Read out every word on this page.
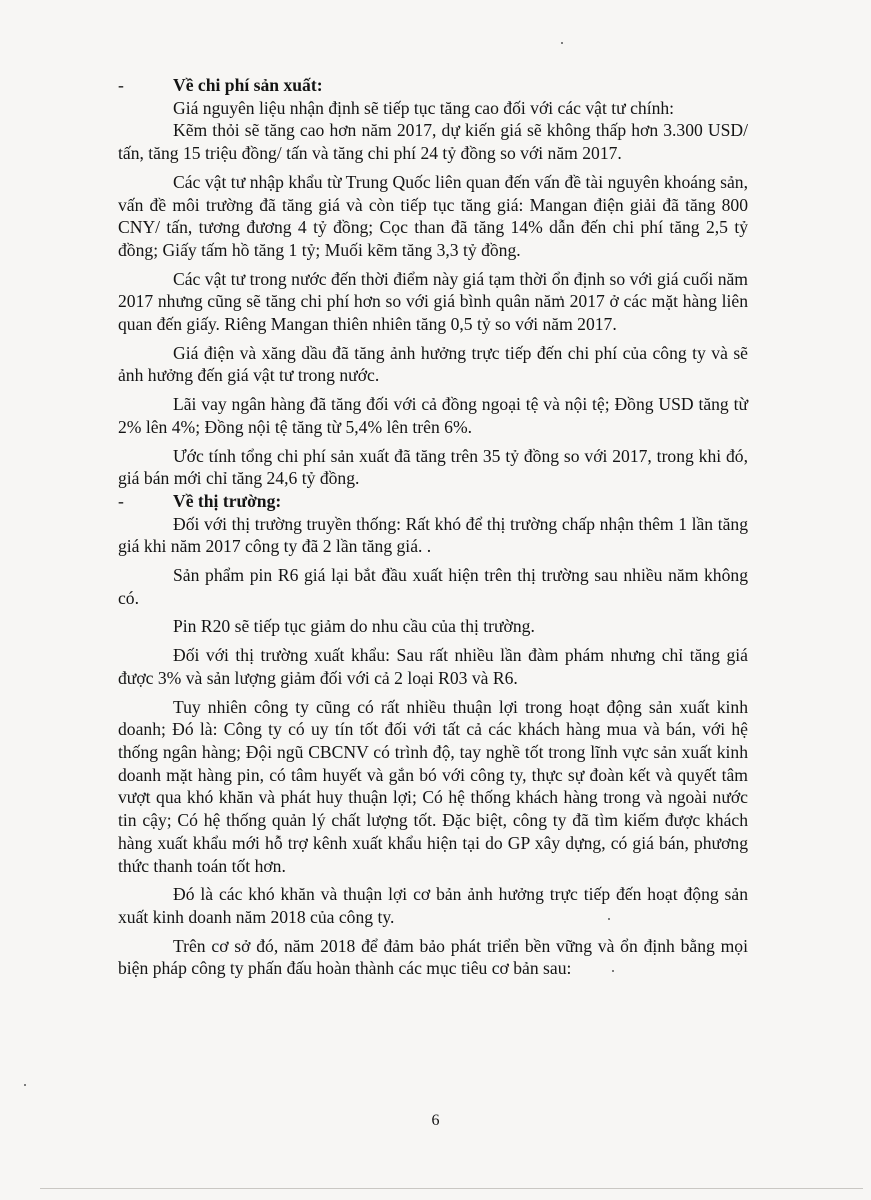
-	Về chi phí sản xuất:

Giá nguyên liệu nhận định sẽ tiếp tục tăng cao đối với các vật tư chính:

Kẽm thỏi sẽ tăng cao hơn năm 2017, dự kiến giá sẽ không thấp hơn 3.300 USD/ tấn, tăng 15 triệu đồng/ tấn và tăng chi phí 24 tỷ đồng so với năm 2017.

Các vật tư nhập khẩu từ Trung Quốc liên quan đến vấn đề tài nguyên khoáng sản, vấn đề môi trường đã tăng giá và còn tiếp tục tăng giá: Mangan điện giải đã tăng 800 CNY/ tấn, tương đương 4 tỷ đồng; Cọc than đã tăng 14% dẫn đến chi phí tăng 2,5 tỷ đồng; Giấy tấm hồ tăng 1 tỷ; Muối kẽm tăng 3,3 tỷ đồng.

Các vật tư trong nước đến thời điểm này giá tạm thời ổn định so với giá cuối năm 2017 nhưng cũng sẽ tăng chi phí hơn so với giá bình quân năm 2017 ở các mặt hàng liên quan đến giấy. Riêng Mangan thiên nhiên tăng 0,5 tỷ so với năm 2017.

Giá điện và xăng dầu đã tăng ảnh hưởng trực tiếp đến chi phí của công ty và sẽ ảnh hưởng đến giá vật tư trong nước.

Lãi vay ngân hàng đã tăng đối với cả đồng ngoại tệ và nội tệ; Đồng USD tăng từ 2% lên 4%; Đồng nội tệ tăng từ 5,4% lên trên 6%.

Ước tính tổng chi phí sản xuất đã tăng trên 35 tỷ đồng so với 2017, trong khi đó, giá bán mới chỉ tăng 24,6 tỷ đồng.

-	Về thị trường:

Đối với thị trường truyền thống: Rất khó để thị trường chấp nhận thêm 1 lần tăng giá khi năm 2017 công ty đã 2 lần tăng giá. .

Sản phẩm pin R6 giá lại bắt đầu xuất hiện trên thị trường sau nhiều năm không có.

Pin R20 sẽ tiếp tục giảm do nhu cầu của thị trường.

Đối với thị trường xuất khẩu: Sau rất nhiều lần đàm phám nhưng chỉ tăng giá được 3% và sản lượng giảm đối với cả 2 loại R03 và R6.

Tuy nhiên công ty cũng có rất nhiều thuận lợi trong hoạt động sản xuất kinh doanh; Đó là: Công ty có uy tín tốt đối với tất cả các khách hàng mua và bán, với hệ thống ngân hàng; Đội ngũ CBCNV có trình độ, tay nghề tốt trong lĩnh vực sản xuất kinh doanh mặt hàng pin, có tâm huyết và gắn bó với công ty, thực sự đoàn kết và quyết tâm vượt qua khó khăn và phát huy thuận lợi; Có hệ thống khách hàng trong và ngoài nước tin cậy; Có hệ thống quản lý chất lượng tốt. Đặc biệt, công ty đã tìm kiếm được khách hàng xuất khẩu mới hỗ trợ kênh xuất khẩu hiện tại do GP xây dựng, có giá bán, phương thức thanh toán tốt hơn.

Đó là các khó khăn và thuận lợi cơ bản ảnh hưởng trực tiếp đến hoạt động sản xuất kinh doanh năm 2018 của công ty.

Trên cơ sở đó, năm 2018 để đảm bảo phát triển bền vững và ổn định bằng mọi biện pháp công ty phấn đấu hoàn thành các mục tiêu cơ bản sau:

6
